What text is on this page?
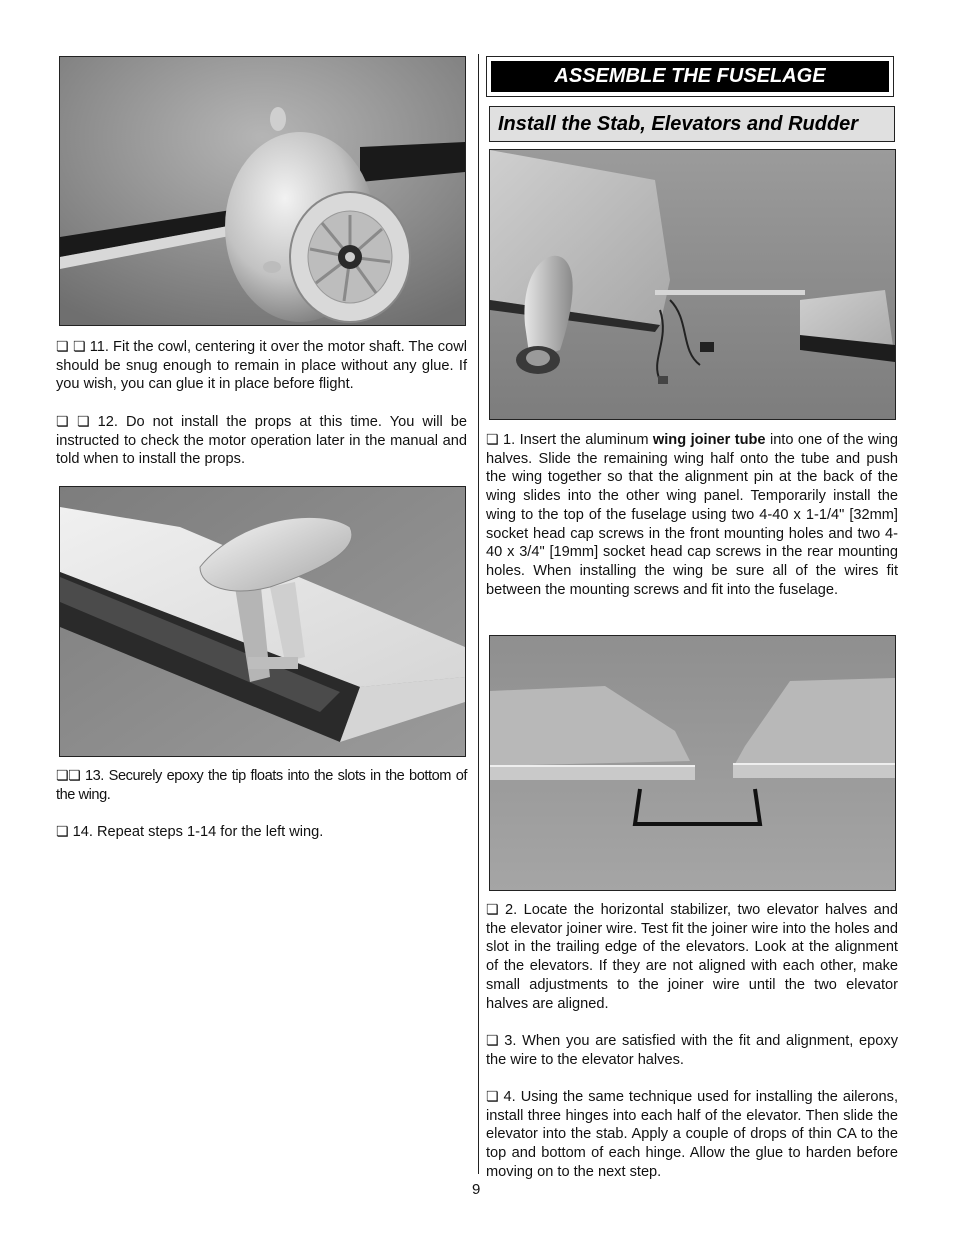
❏ ❏ 11. Fit the cowl, centering it over the motor shaft. The cowl should be snug enough to remain in place without any glue. If you wish, you can glue it in place before flight.

❏ ❏ 12. Do not install the props at this time. You will be instructed to check the motor operation later in the manual and told when to install the props.

❏❏ 13. Securely epoxy the tip floats into the slots in the bottom of the wing.

❏ 14. Repeat steps 1-14 for the left wing.

ASSEMBLE THE FUSELAGE
Install the Stab, Elevators and Rudder

❏ 1. Insert the aluminum wing joiner tube into one of the wing halves. Slide the remaining wing half onto the tube and push the wing together so that the alignment pin at the back of the wing slides into the other wing panel. Temporarily install the wing to the top of the fuselage using two 4-40 x 1-1/4" [32mm] socket head cap screws in the front mounting holes and two 4-40 x 3/4" [19mm] socket head cap screws in the rear mounting holes. When installing the wing be sure all of the wires fit between the mounting screws and fit into the fuselage.

❏ 2. Locate the horizontal stabilizer, two elevator halves and the elevator joiner wire. Test fit the joiner wire into the holes and slot in the trailing edge of the elevators. Look at the alignment of the elevators. If they are not aligned with each other, make small adjustments to the joiner wire until the two elevator halves are aligned.

❏ 3. When you are satisfied with the fit and alignment, epoxy the wire to the elevator halves.

❏ 4. Using the same technique used for installing the ailerons, install three hinges into each half of the elevator. Then slide the elevator into the stab. Apply a couple of drops of thin CA to the top and bottom of each hinge. Allow the glue to harden before moving on to the next step.

9
